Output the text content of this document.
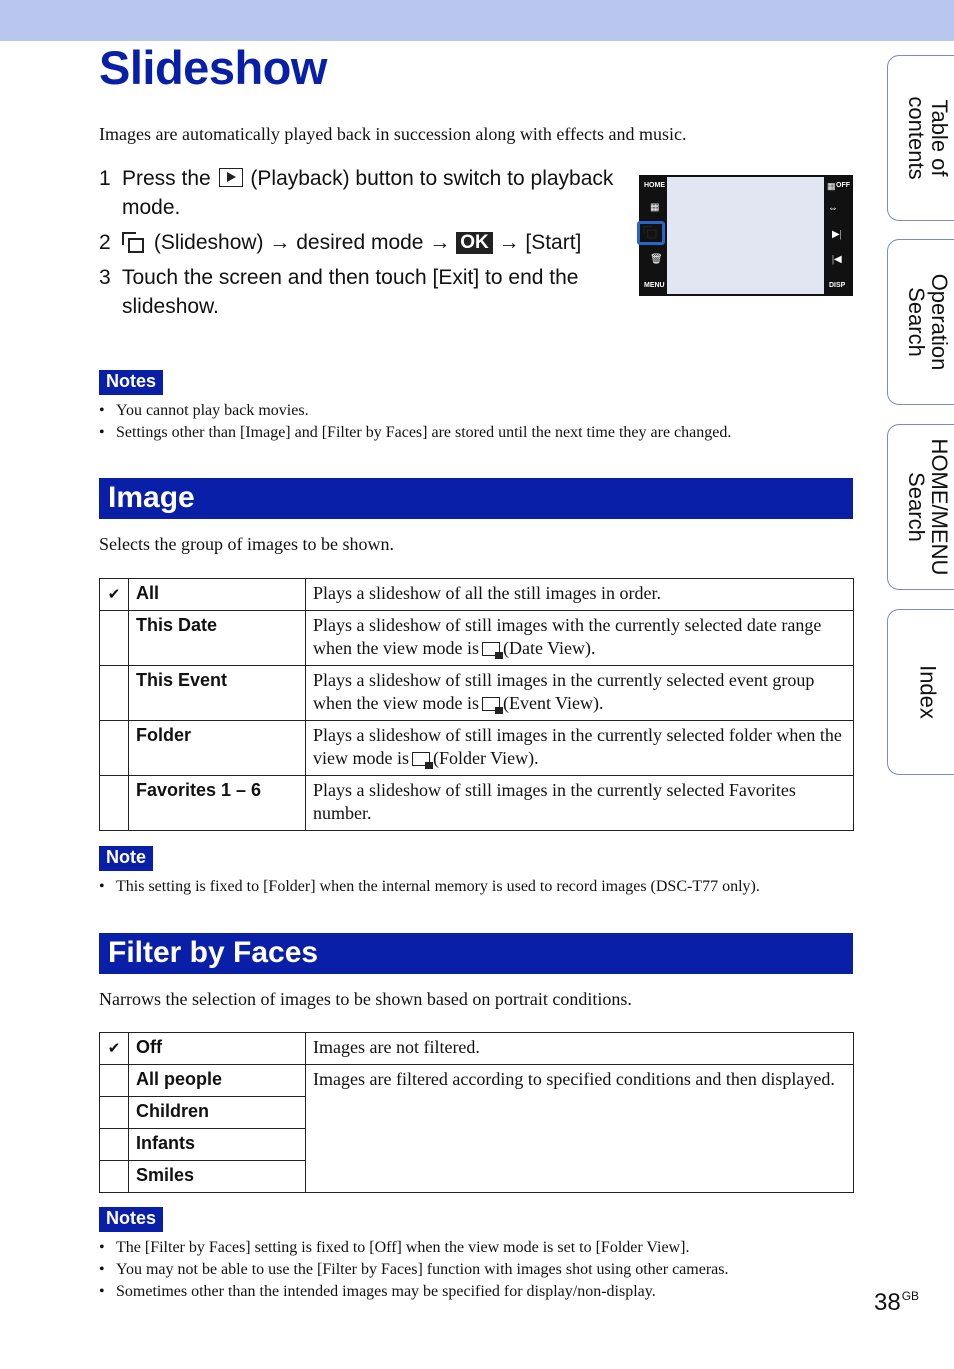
Slideshow
Images are automatically played back in succession along with effects and music.
1 Press the (Playback) button to switch to playback mode.
2 (Slideshow) → desired mode → OK → [Start]
3 Touch the screen and then touch [Exit] to end the slideshow.
HOME
▦
🗑
MENU
OFF
▦
⇔
▶|
|◀
DISP
Notes
• You cannot play back movies.
• Settings other than [Image] and [Filter by Faces] are stored until the next time they are changed.
Image
Selects the group of images to be shown.
✔	All	Plays a slideshow of all the still images in order.
	This Date	Plays a slideshow of still images with the currently selected date range when the view mode is (Date View).
	This Event	Plays a slideshow of still images in the currently selected event group when the view mode is (Event View).
	Folder	Plays a slideshow of still images in the currently selected folder when the view mode is (Folder View).
	Favorites 1 – 6	Plays a slideshow of still images in the currently selected Favorites number.
Note
• This setting is fixed to [Folder] when the internal memory is used to record images (DSC-T77 only).
Filter by Faces
Narrows the selection of images to be shown based on portrait conditions.
✔	Off	Images are not filtered.
	All people	Images are filtered according to specified conditions and then displayed.
	Children	
	Infants	
	Smiles	
Notes
• The [Filter by Faces] setting is fixed to [Off] when the view mode is set to [Folder View].
• You may not be able to use the [Filter by Faces] function with images shot using other cameras.
• Sometimes other than the intended images may be specified for display/non-display.
Table of
contents
Operation
Search
HOME/MENU
Search
Index
$38^{GB}$
